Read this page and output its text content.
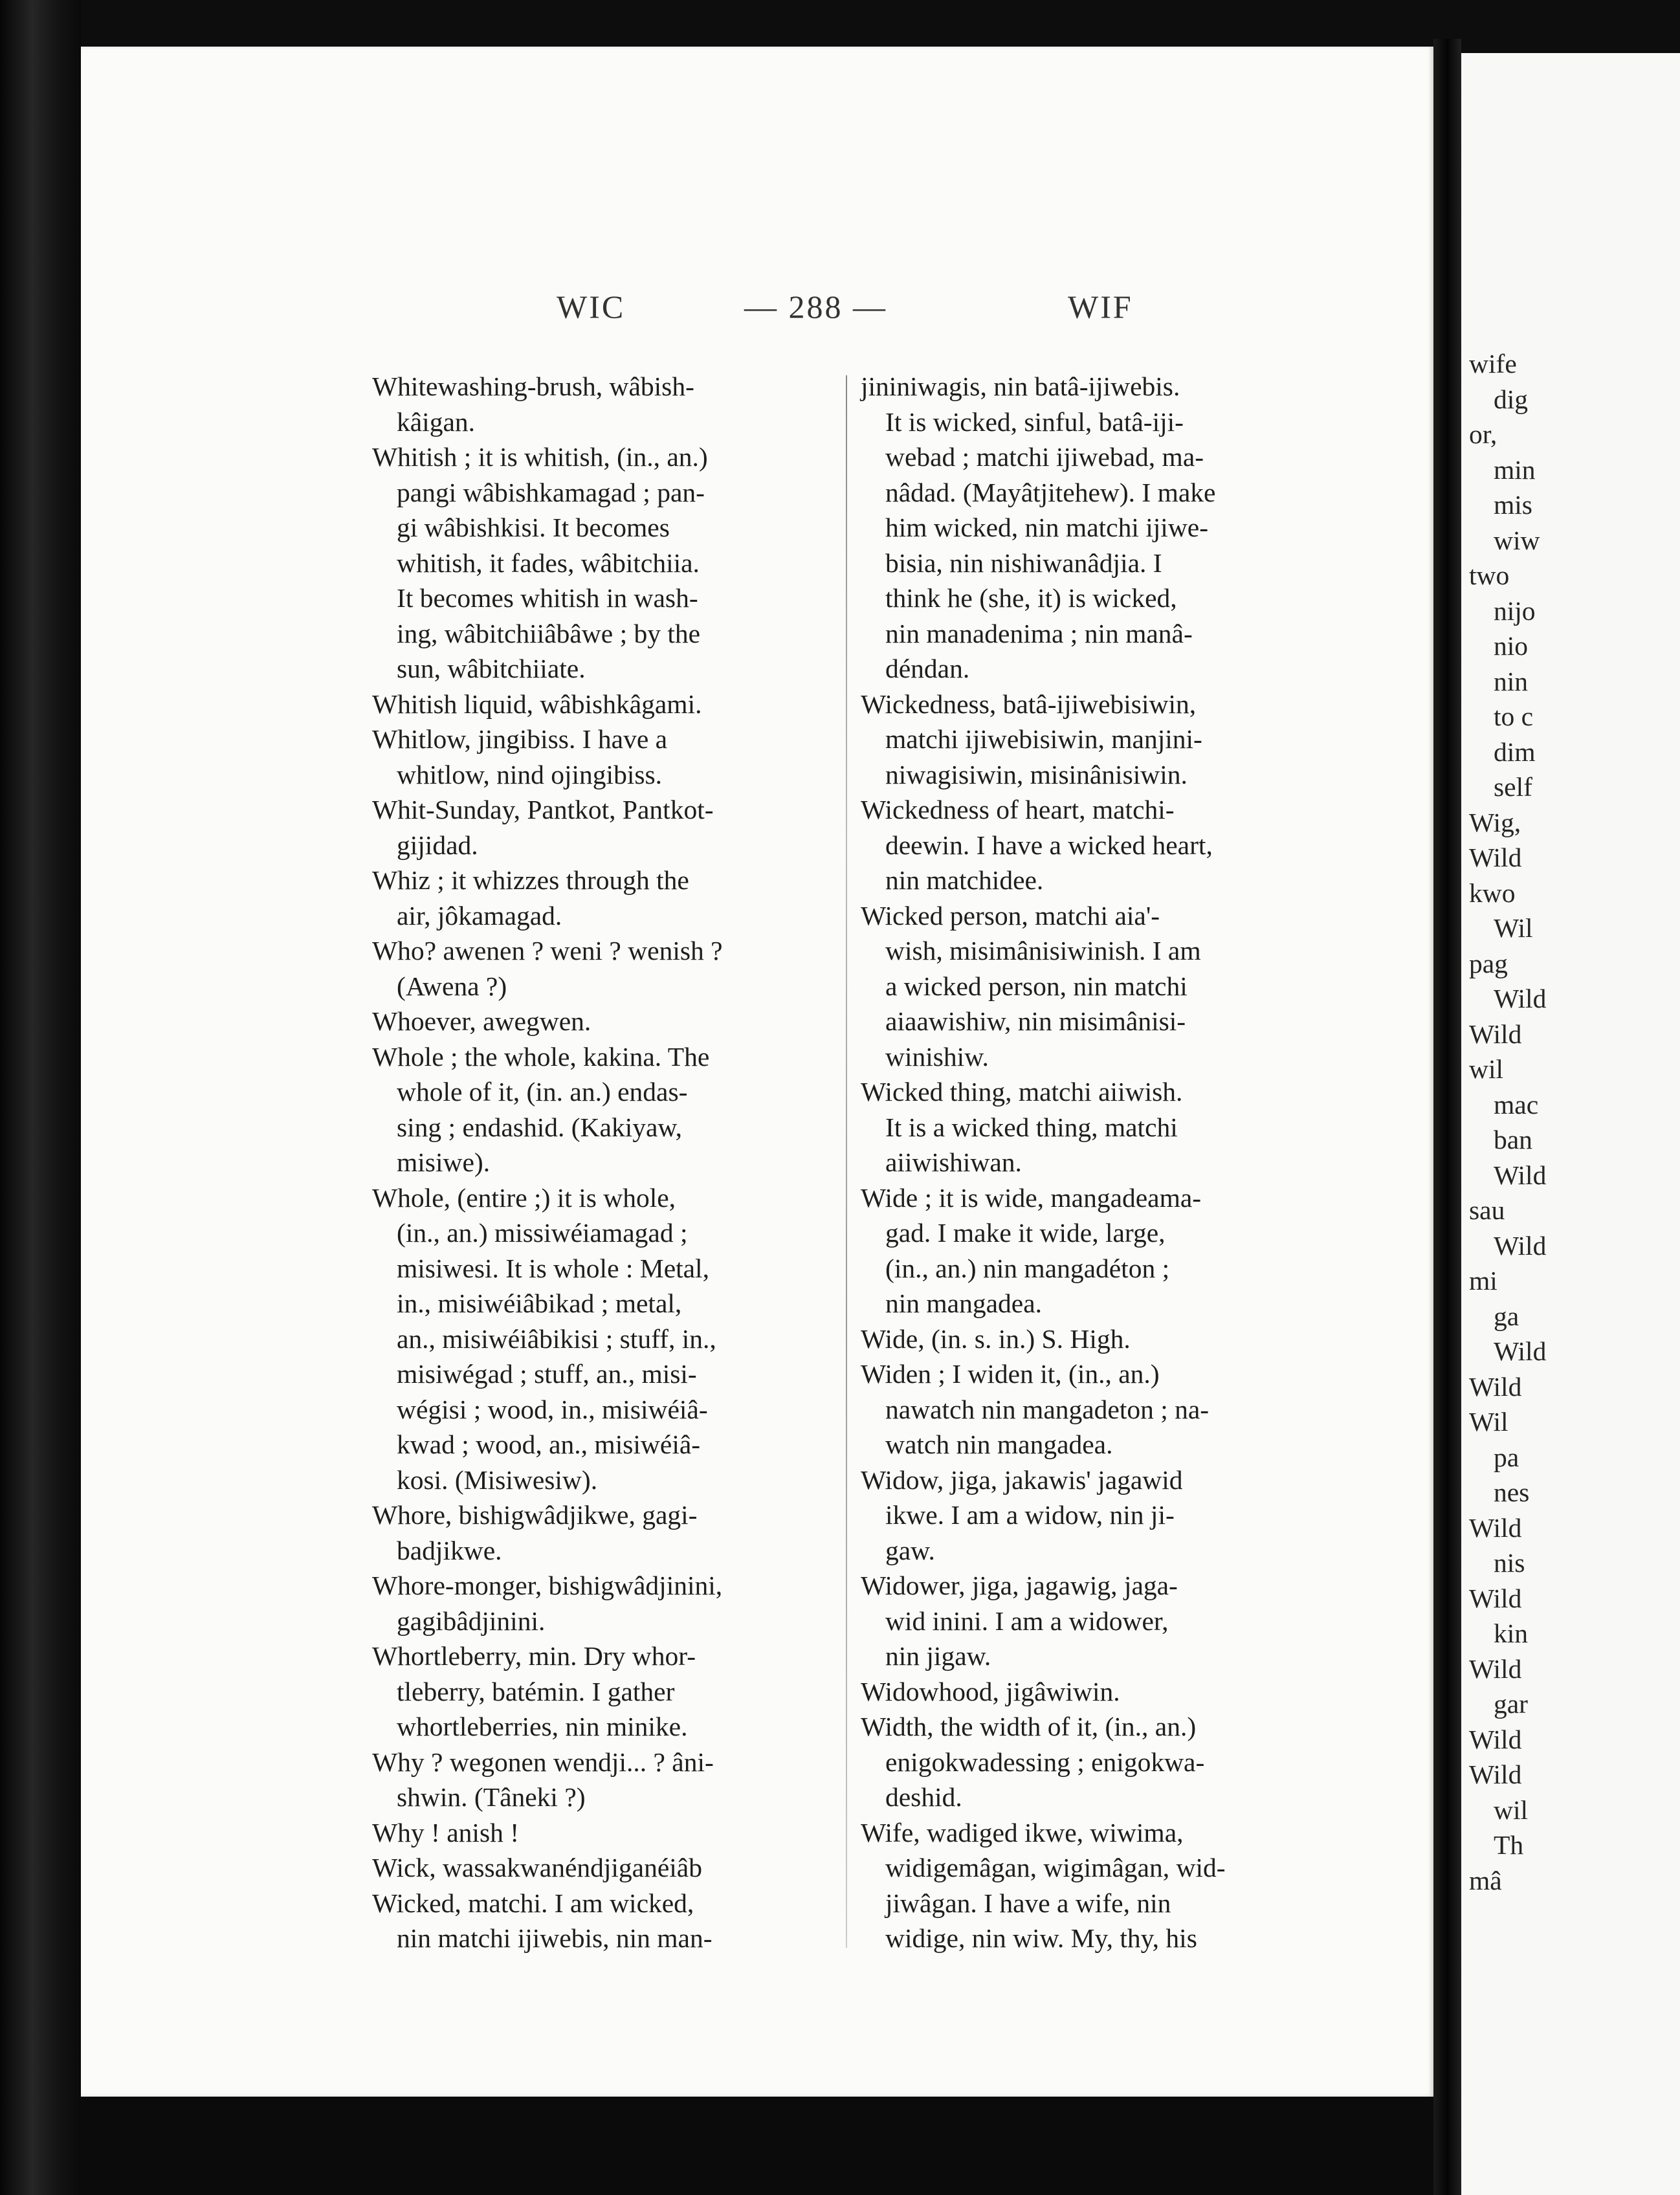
WIC	— 288 —	WIF
Whitewashing-brush, wâbish-
kâigan.
Whitish ; it is whitish, (in., an.)
pangi wâbishkamagad ; pan-
gi wâbishkisi. It becomes
whitish, it fades, wâbitchiia.
It becomes whitish in wash-
ing, wâbitchiiâbâwe ; by the
sun, wâbitchiiate.
Whitish liquid, wâbishkâgami.
Whitlow, jingibiss. I have a
whitlow, nind ojingibiss.
Whit-Sunday, Pantkot, Pantkot-
gijidad.
Whiz ; it whizzes through the
air, jôkamagad.
Who? awenen ? weni ? wenish ?
(Awena ?)
Whoever, awegwen.
Whole ; the whole, kakina. The
whole of it, (in. an.) endas-
sing ; endashid. (Kakiyaw,
misiwe).
Whole, (entire ;) it is whole,
(in., an.) missiwéiamagad ;
misiwesi. It is whole : Metal,
in., misiwéiâbikad ; metal,
an., misiwéiâbikisi ; stuff, in.,
misiwégad ; stuff, an., misi-
wégisi ; wood, in., misiwéiâ-
kwad ; wood, an., misiwéiâ-
kosi. (Misiwesiw).
Whore, bishigwâdjikwe, gagi-
badjikwe.
Whore-monger, bishigwâdjinini,
gagibâdjinini.
Whortleberry, min. Dry whor-
tleberry, batémin. I gather
whortleberries, nin minike.
Why ? wegonen wendji... ? âni-
shwin. (Tâneki ?)
Why ! anish !
Wick, wassakwanéndjiganéiâb
Wicked, matchi. I am wicked,
nin matchi ijiwebis, nin man-
jininiwagis, nin batâ-ijiwebis.
It is wicked, sinful, batâ-iji-
webad ; matchi ijiwebad, ma-
nâdad. (Mayâtjitehew). I make
him wicked, nin matchi ijiwe-
bisia, nin nishiwanâdjia. I
think he (she, it) is wicked,
nin manadenima ; nin manâ-
déndan.
Wickedness, batâ-ijiwebisiwin,
matchi ijiwebisiwin, manjini-
niwagisiwin, misinânisiwin.
Wickedness of heart, matchi-
deewin. I have a wicked heart,
nin matchidee.
Wicked person, matchi aia'-
wish, misimânisiwinish. I am
a wicked person, nin matchi
aiaawishiw, nin misimânisi-
winishiw.
Wicked thing, matchi aiiwish.
It is a wicked thing, matchi
aiiwishiwan.
Wide ; it is wide, mangadeama-
gad. I make it wide, large,
(in., an.) nin mangadéton ;
nin mangadea.
Wide, (in. s. in.) S. High.
Widen ; I widen it, (in., an.)
nawatch nin mangadeton ; na-
watch nin mangadea.
Widow, jiga, jakawis' jagawid
ikwe. I am a widow, nin ji-
gaw.
Widower, jiga, jagawig, jaga-
wid inini. I am a widower,
nin jigaw.
Widowhood, jigâwiwin.
Width, the width of it, (in., an.)
enigokwadessing ; enigokwa-
deshid.
Wife, wadiged ikwe, wiwima,
widigemâgan, wigimâgan, wid-
jiwâgan. I have a wife, nin
widige, nin wiw. My, thy, his
wife
dig
or,
min
mis
wiw
two
nijo
nio
nin
to c
dim
self
Wig,
Wild
kwo
Wil
pag
Wild
Wild
wil
mac
ban
Wild
sau
Wild
mi
ga
Wild
Wild
Wil
pa
nes
Wild
nis
Wild
kin
Wild
gar
Wild
Wild
wil
Th
mâ
